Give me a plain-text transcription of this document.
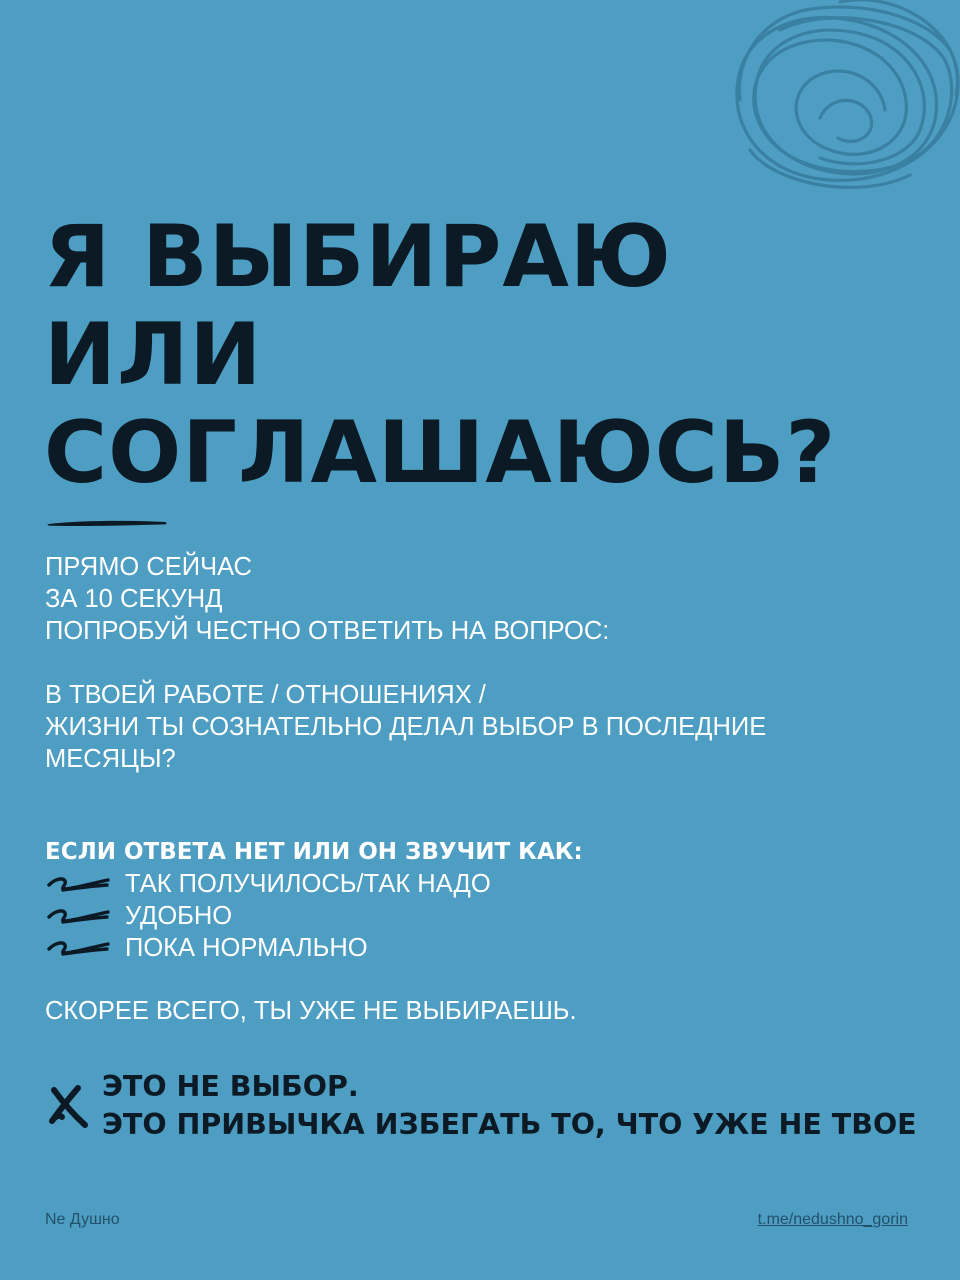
Я ВЫБИРАЮ
ИЛИ
СОГЛАШАЮСЬ?

ПРЯМО СЕЙЧАС
ЗА 10 СЕКУНД
ПОПРОБУЙ ЧЕСТНО ОТВЕТИТЬ НА ВОПРОС:

В ТВОЕЙ РАБОТЕ / ОТНОШЕНИЯХ /
ЖИЗНИ ТЫ СОЗНАТЕЛЬНО ДЕЛАЛ ВЫБОР В ПОСЛЕДНИЕ
МЕСЯЦЫ?

ЕСЛИ ОТВЕТА НЕТ ИЛИ ОН ЗВУЧИТ КАК:

ТАК ПОЛУЧИЛОСЬ/ТАК НАДО
УДОБНО
ПОКА НОРМАЛЬНО

СКОРЕЕ ВСЕГО, ТЫ УЖЕ НЕ ВЫБИРАЕШЬ.

ЭТО НЕ ВЫБОР.
ЭТО ПРИВЫЧКА ИЗБЕГАТЬ ТО, ЧТО УЖЕ НЕ ТВОЕ

Ne Душно	t.me/nedushno_gorin
